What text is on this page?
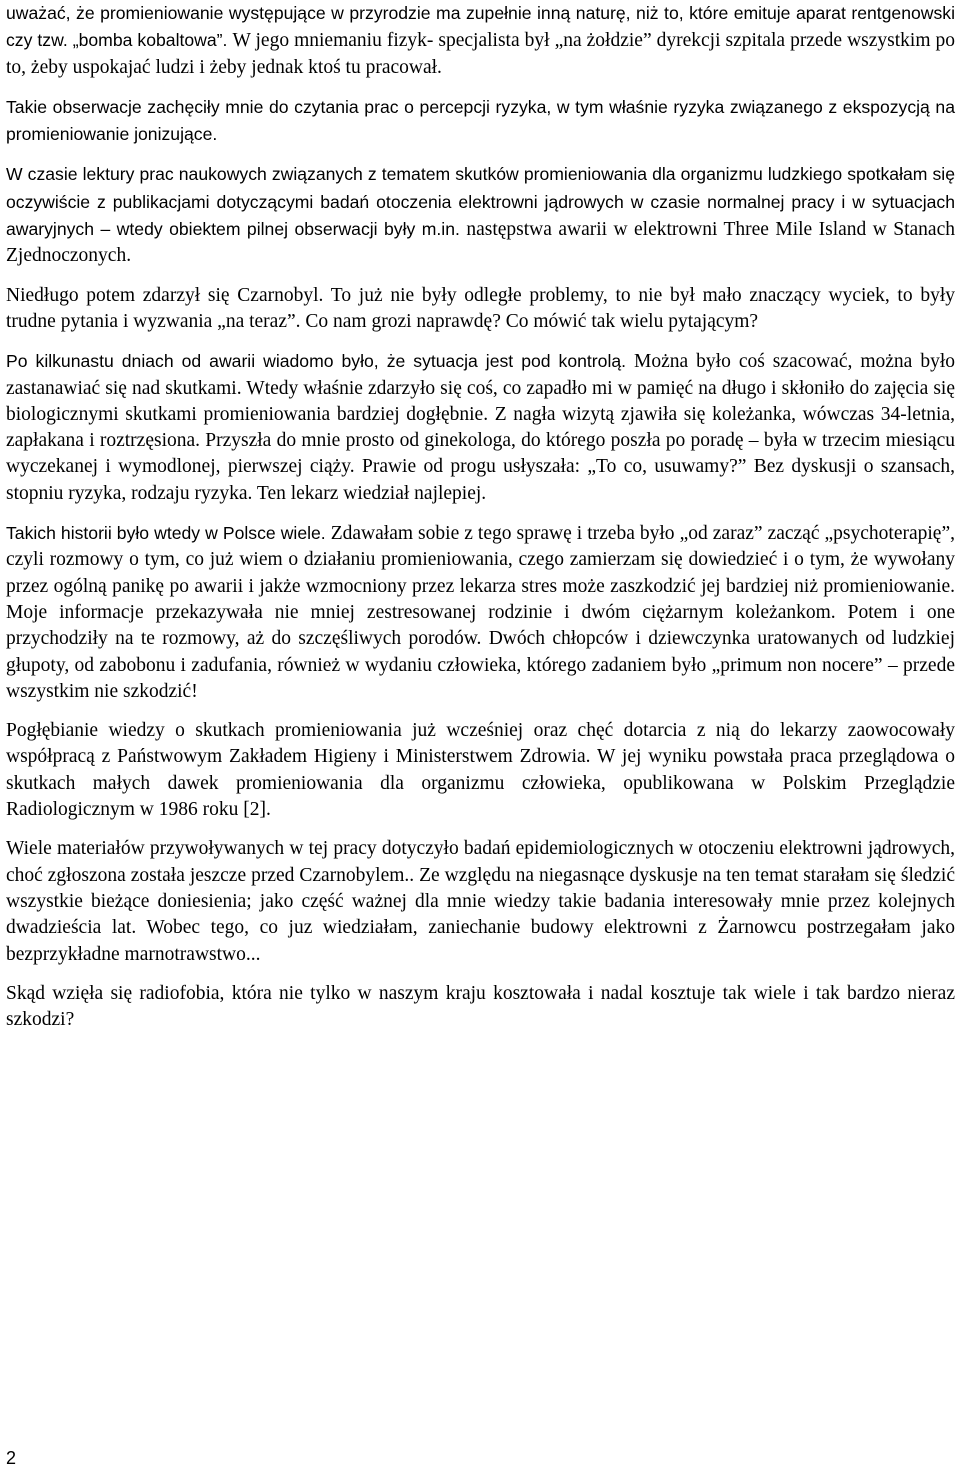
uważać, że promieniowanie występujące w przyrodzie ma zupełnie inną naturę, niż to, które emituje aparat rentgenowski czy tzw. „bomba kobaltowa”. W jego mniemaniu fizyk- specjalista był „na żołdzie” dyrekcji szpitala przede wszystkim po to, żeby uspokajać ludzi i żeby jednak ktoś tu pracował.

Takie obserwacje zachęciły mnie do czytania prac o percepcji ryzyka, w tym właśnie ryzyka związanego z ekspozycją na promieniowanie jonizujące.

W czasie lektury prac naukowych związanych z tematem skutków promieniowania dla organizmu ludzkiego spotkałam się oczywiście z publikacjami dotyczącymi badań otoczenia elektrowni jądrowych w czasie normalnej pracy i w sytuacjach awaryjnych – wtedy obiektem pilnej obserwacji były m.in. następstwa awarii w elektrowni Three Mile Island w Stanach Zjednoczonych.

Niedługo potem zdarzył się Czarnobyl. To już nie były odległe problemy, to nie był mało znaczący wyciek, to były trudne pytania i wyzwania „na teraz”. Co nam grozi naprawdę? Co mówić tak wielu pytającym?

Po kilkunastu dniach od awarii wiadomo było, że sytuacja jest pod kontrolą. Można było coś szacować, można było zastanawiać się nad skutkami. Wtedy właśnie zdarzyło się coś, co zapadło mi w pamięć na długo i skłoniło do zajęcia się biologicznymi skutkami promieniowania bardziej dogłębnie. Z nagła wizytą zjawiła się koleżanka, wówczas 34-letnia, zapłakana i roztrzęsiona. Przyszła do mnie prosto od ginekologa, do którego poszła po poradę – była w trzecim miesiącu wyczekanej i wymodlonej, pierwszej ciąży. Prawie od progu usłyszała: „To co, usuwamy?” Bez dyskusji o szansach, stopniu ryzyka, rodzaju ryzyka. Ten lekarz wiedział najlepiej.

Takich historii było wtedy w Polsce wiele. Zdawałam sobie z tego sprawę i trzeba było „od zaraz” zacząć „psychoterapię”, czyli rozmowy o tym, co już wiem o działaniu promieniowania, czego zamierzam się dowiedzieć i o tym, że wywołany przez ogólną panikę po awarii i jakże wzmocniony przez lekarza stres może zaszkodzić jej bardziej niż promieniowanie. Moje informacje przekazywała nie mniej zestresowanej rodzinie i dwóm ciężarnym koleżankom. Potem i one przychodziły na te rozmowy, aż do szczęśliwych porodów. Dwóch chłopców i dziewczynka uratowanych od ludzkiej głupoty, od zabobonu i zadufania, również w wydaniu człowieka, którego zadaniem było „primum non nocere” – przede wszystkim nie szkodzić!

Pogłębianie wiedzy o skutkach promieniowania już wcześniej oraz chęć dotarcia z nią do lekarzy zaowocowały współpracą z Państwowym Zakładem Higieny i Ministerstwem Zdrowia. W jej wyniku powstała praca przeglądowa o skutkach małych dawek promieniowania dla organizmu człowieka, opublikowana w Polskim Przeglądzie Radiologicznym w 1986 roku [2].

Wiele materiałów przywoływanych w tej pracy dotyczyło badań epidemiologicznych w otoczeniu elektrowni jądrowych, choć zgłoszona została jeszcze przed Czarnobylem.. Ze względu na niegasnące dyskusje na ten temat starałam się śledzić wszystkie bieżące doniesienia; jako część ważnej dla mnie wiedzy takie badania interesowały mnie przez kolejnych dwadzieścia lat. Wobec tego, co juz wiedziałam, zaniechanie budowy elektrowni z Żarnowcu postrzegałam jako bezprzykładne marnotrawstwo...

Skąd wzięła się radiofobia, która nie tylko w naszym kraju kosztowała i nadal kosztuje tak wiele i tak bardzo nieraz szkodzi?

2
